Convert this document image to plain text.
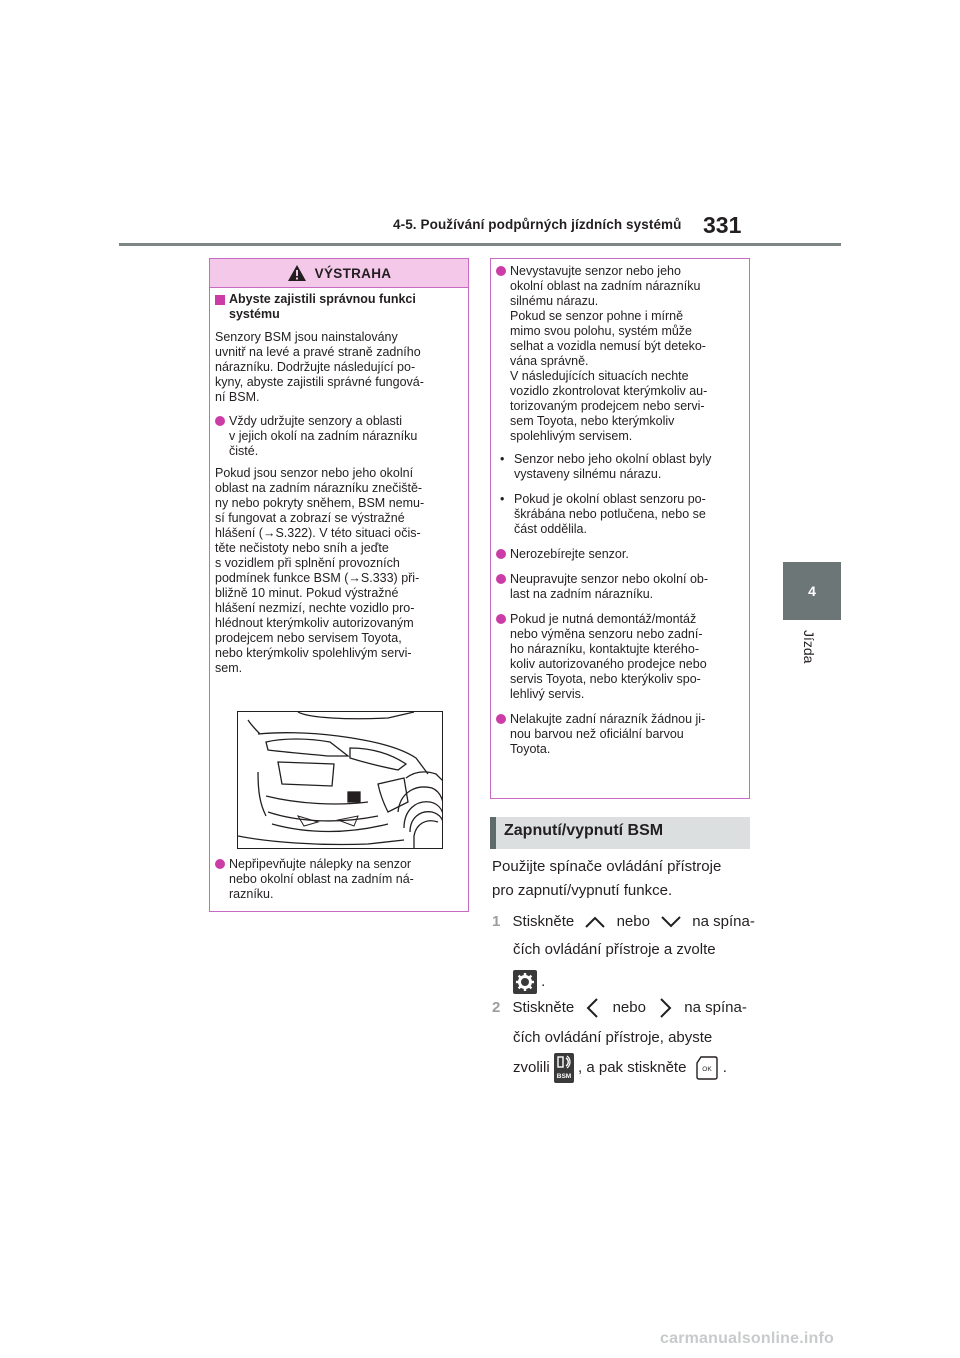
4-5. Používání podpůrných jízdních systémů 331
4
Jízda
VÝSTRAHA
Abyste zajistili správnou funkci systému

Senzory BSM jsou nainstalovány

uvnitř na levé a pravé straně zadního

nárazníku. Dodržujte následující po-

kyny, abyste zajistili správné fungová-

ní BSM.

Vždy udržujte senzory a oblasti

v jejich okolí na zadním nárazníku

čisté.

Pokud jsou senzor nebo jeho okolní

oblast na zadním nárazníku znečiště-

ny nebo pokryty sněhem, BSM nemu-

sí fungovat a zobrazí se výstražné

hlášení (→S.322). V této situaci očis-

těte nečistoty nebo sníh a jeďte

s vozidlem při splnění provozních

podmínek funkce BSM (→S.333) při-

bližně 10 minut. Pokud výstražné

hlášení nezmizí, nechte vozidlo pro-

hlédnout kterýmkoliv autorizovaným

prodejcem nebo servisem Toyota,

nebo kterýmkoliv spolehlivým servi-

sem.

Nepřipevňujte nálepky na senzor

nebo okolní oblast na zadním ná-

razníku.

Nevystavujte senzor nebo jeho

okolní oblast na zadním nárazníku

silnému nárazu.

Pokud se senzor pohne i mírně

mimo svou polohu, systém může

selhat a vozidla nemusí být deteko-

vána správně.

V následujících situacích nechte

vozidlo zkontrolovat kterýmkoliv au-

torizovaným prodejcem nebo servi-

sem Toyota, nebo kterýmkoliv

spolehlivým servisem.

• Senzor nebo jeho okolní oblast byly

vystaveny silnému nárazu.

• Pokud je okolní oblast senzoru po-

škrábána nebo potlučena, nebo se

část oddělila.

Nerozebírejte senzor.

Neupravujte senzor nebo okolní ob-

last na zadním nárazníku.

Pokud je nutná demontáž/montáž

nebo výměna senzoru nebo zadní-

ho nárazníku, kontaktujte kterého-

koliv autorizovaného prodejce nebo

servis Toyota, nebo kterýkoliv spo-

lehlivý servis.

Nelakujte zadní nárazník žádnou ji-

nou barvou než oficiální barvou

Toyota.

Zapnutí/vypnutí BSM
Použijte spínače ovládání přístroje
pro zapnutí/vypnutí funkce.
1 Stiskněte	nebo	na spína-
čích ovládání přístroje a zvolte
.
2 Stiskněte	nebo	na spína-
čích ovládání přístroje, abyste
zvolili
BSM
, a pak stiskněte OK .
carmanualsonline.info
